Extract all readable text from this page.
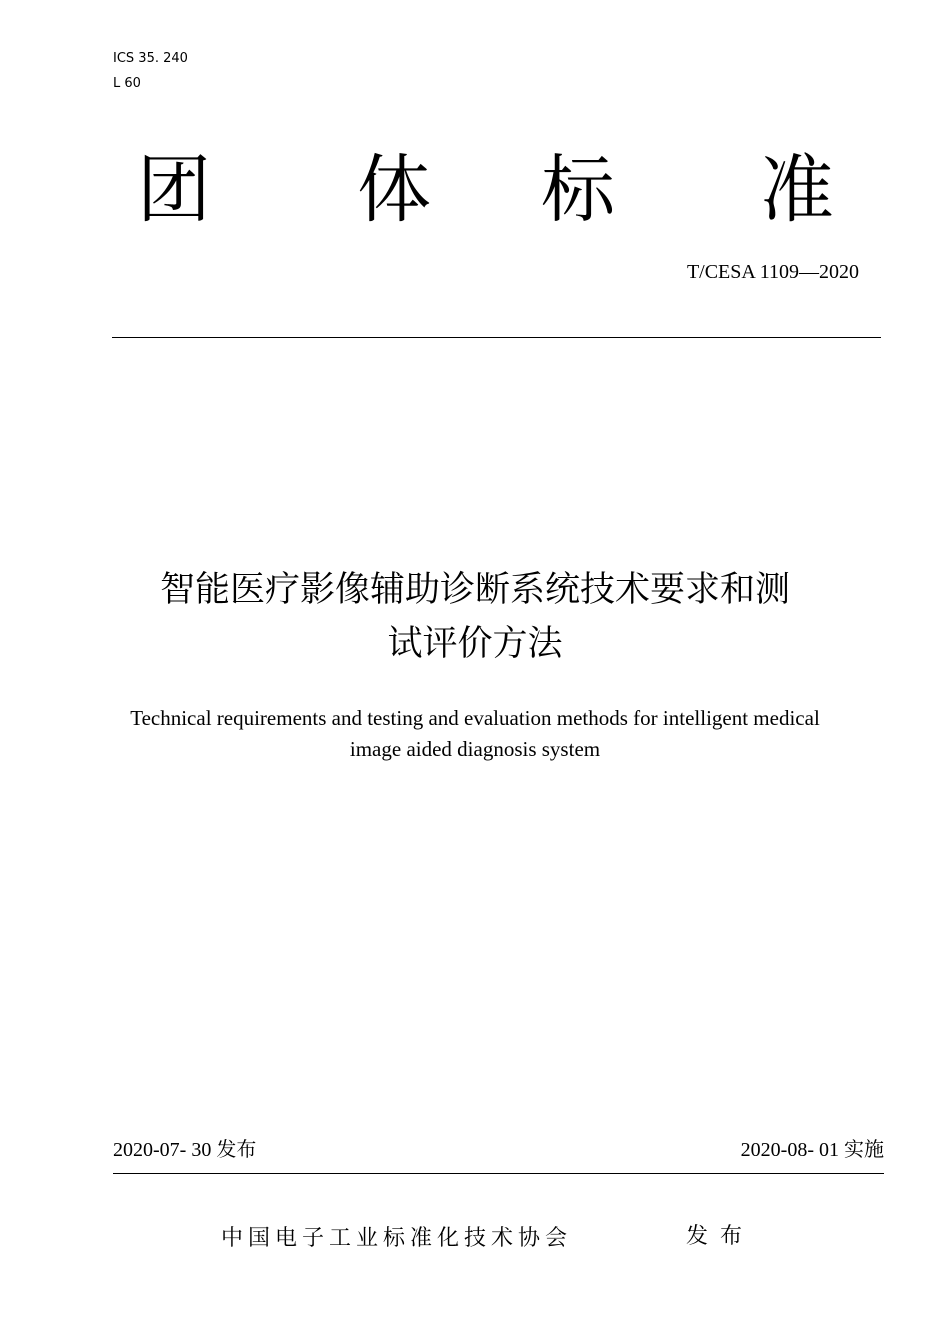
ICS 35. 240
L 60
团 体 标 准
T/CESA 1109—2020
智能医疗影像辅助诊断系统技术要求和测
试评价方法
Technical requirements and testing and evaluation methods for intelligent medical
image aided diagnosis system
2020-07- 30 发布	2020-08- 01 实施
中国电子工业标准化技术协会	发布
